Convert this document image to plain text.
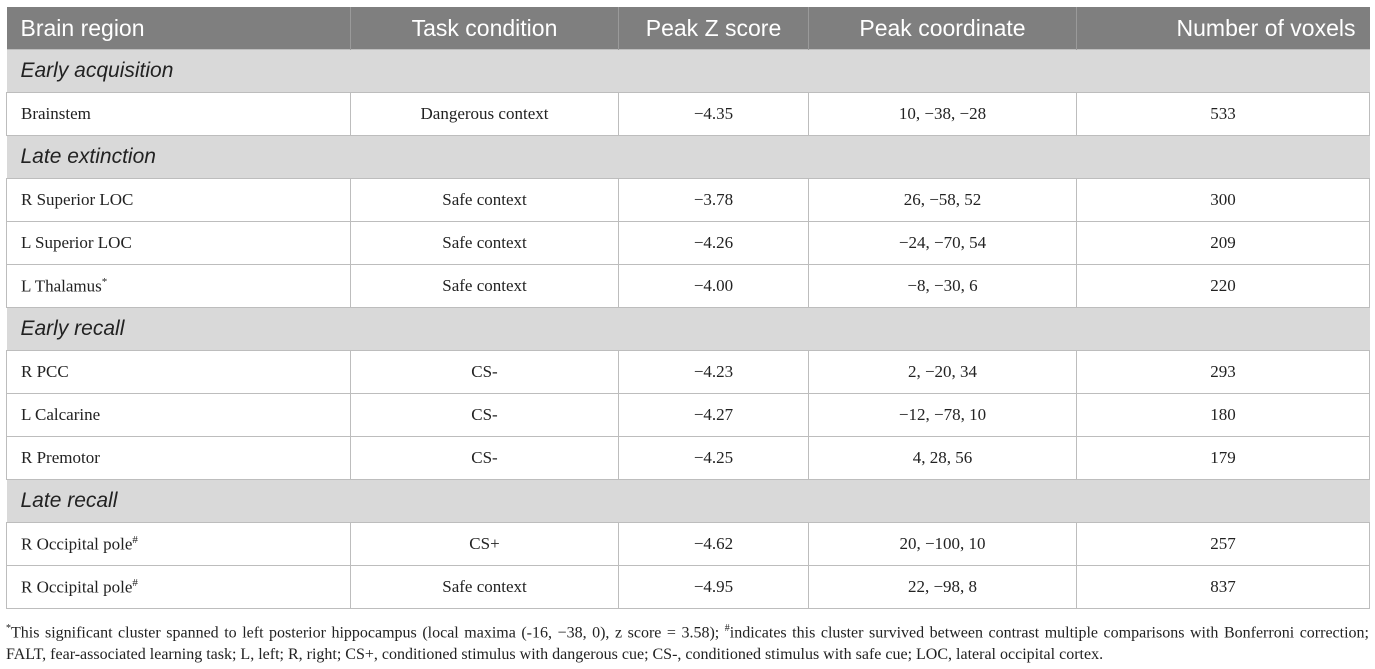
Brain region	Task condition	Peak Z score	Peak coordinate	Number of voxels
Early acquisition				
Brainstem	Dangerous context	−4.35	10, −38, −28	533
Late extinction				
R Superior LOC	Safe context	−3.78	26, −58, 52	300
L Superior LOC	Safe context	−4.26	−24, −70, 54	209
L Thalamus*	Safe context	−4.00	−8, −30, 6	220
Early recall				
R PCC	CS-	−4.23	2, −20, 34	293
L Calcarine	CS-	−4.27	−12, −78, 10	180
R Premotor	CS-	−4.25	4, 28, 56	179
Late recall				
R Occipital pole#	CS+	−4.62	20, −100, 10	257
R Occipital pole#	Safe context	−4.95	22, −98, 8	837
*This significant cluster spanned to left posterior hippocampus (local maxima (-16, −38, 0), z score = 3.58); #indicates this cluster survived between contrast multiple comparisons with Bonferroni correction; FALT, fear-associated learning task; L, left; R, right; CS+, conditioned stimulus with dangerous cue; CS-, conditioned stimulus with safe cue; LOC, lateral occipital cortex.
